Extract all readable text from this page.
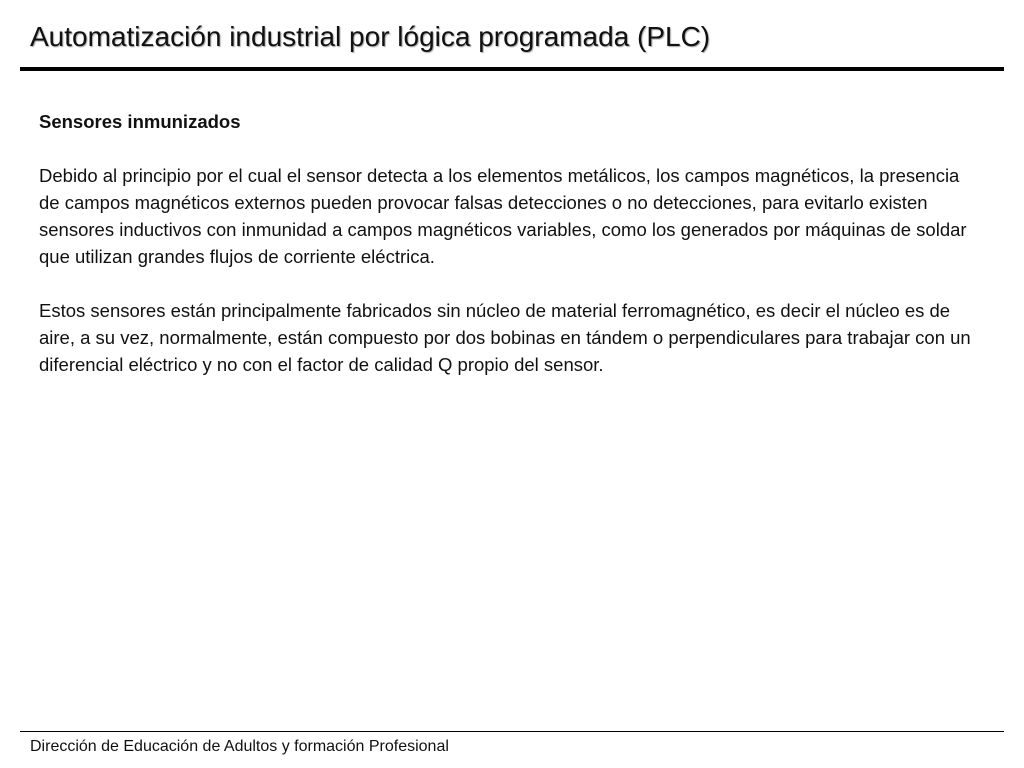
Automatización industrial por lógica programada (PLC)

Sensores inmunizados

Debido al principio por el cual el sensor detecta a los elementos metálicos, los campos magnéticos, la presencia de campos magnéticos externos pueden provocar falsas detecciones o no detecciones, para evitarlo existen sensores inductivos con inmunidad a campos magnéticos variables, como los generados por máquinas de soldar que utilizan grandes flujos de corriente eléctrica.

Estos sensores están principalmente fabricados sin núcleo de material ferromagnético, es decir el núcleo es de aire, a su vez, normalmente, están compuesto por dos bobinas en tándem o perpendiculares para trabajar con un diferencial eléctrico y no con el factor de calidad Q propio del sensor.

Dirección de Educación de Adultos y formación Profesional
